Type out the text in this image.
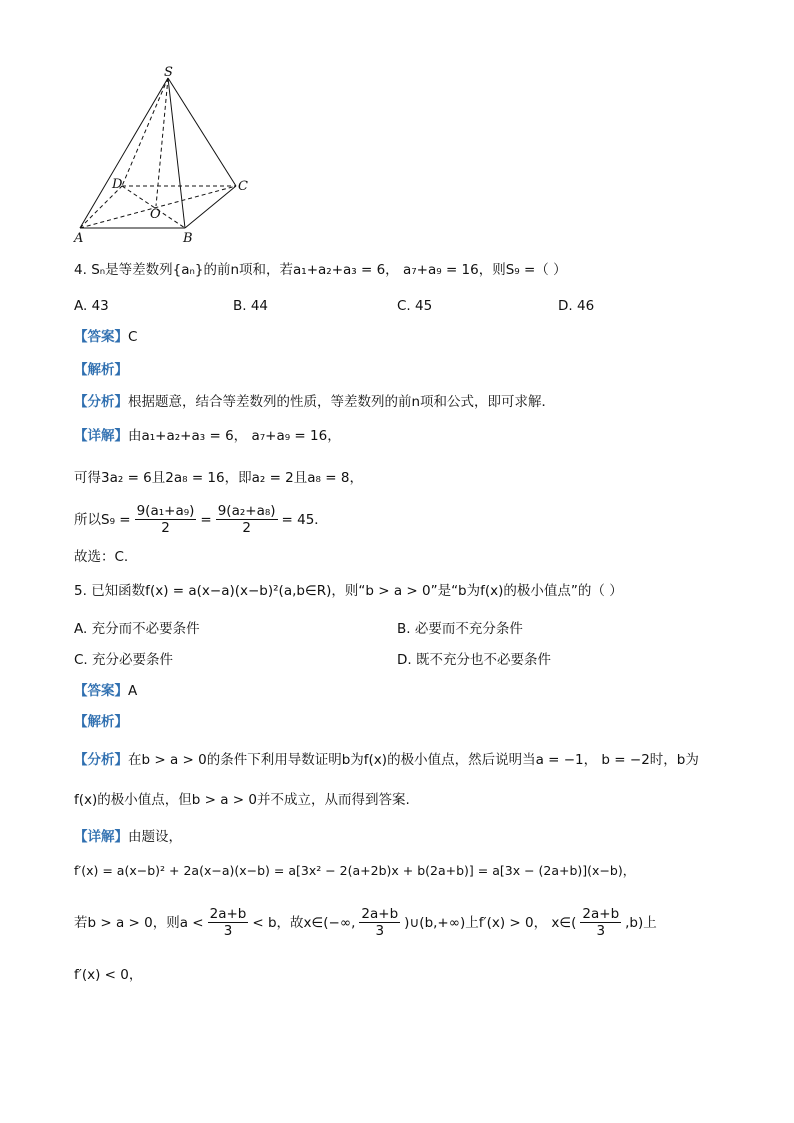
S
D	C
O
A	B
4. Sₙ是等差数列{aₙ}的前n项和，若a₁+a₂+a₃ = 6， a₇+a₉ = 16，则S₉ =（ ）
A. 43	B. 44	C. 45	D. 46
【答案】C
【解析】
【分析】根据题意，结合等差数列的性质，等差数列的前n项和公式，即可求解．
【详解】由a₁+a₂+a₃ = 6， a₇+a₉ = 16，
可得3a₂ = 6且2a₈ = 16，即a₂ = 2且a₈ = 8，
所以$S_9 = \frac{\text{9(a₁+a₉)}}{2} = \frac{\text{9(a₂+a₈)}}{2} = 45$．
故选：C.
5. 已知函数f(x) = a(x−a)(x−b)²(a,b∈R)，则“b > a > 0”是“b为f(x)的极小值点”的（ ）
A. 充分而不必要条件	B. 必要而不充分条件
C. 充分必要条件	D. 既不充分也不必要条件
【答案】A
【解析】
【分析】在b > a > 0的条件下利用导数证明b为f(x)的极小值点，然后说明当a = −1， b = −2时，b为
f(x)的极小值点，但b > a > 0并不成立，从而得到答案.
【详解】由题设，
f′(x) = a(x−b)² + 2a(x−a)(x−b) = a[3x² − 2(a+2b)x + b(2a+b)] = a[3x − (2a+b)](x−b)，
若b > a > 0，则$a < \frac{2a+b}{3} < b$，故x∈(−∞, $\frac{2a+b}{3}$ )∪(b,+∞)上f′(x) > 0， x∈( $\frac{2a+b}{3} ,b$)上
f′(x) < 0，
